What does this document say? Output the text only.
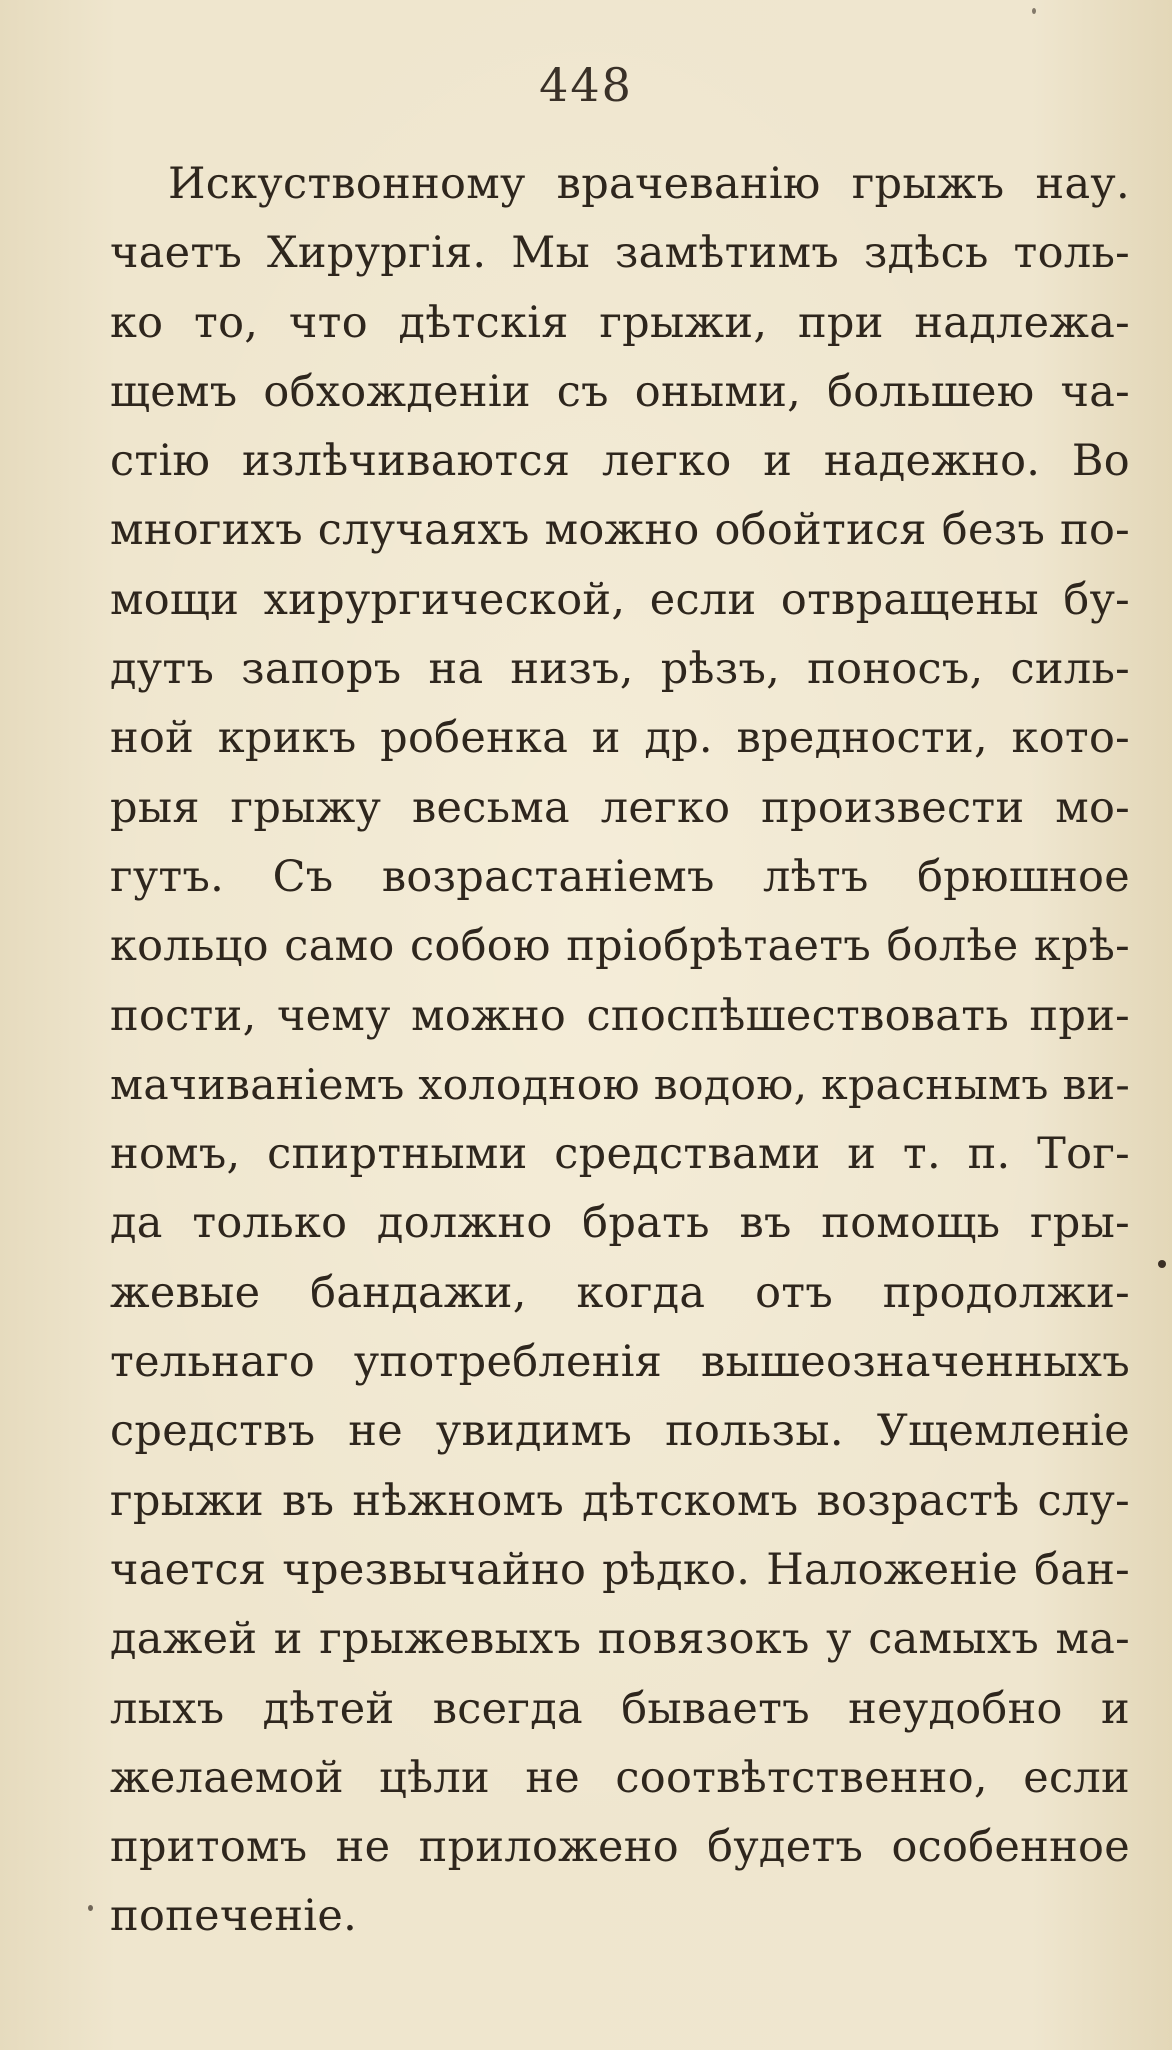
448
Искуствонному врачеванію грыжъ нау.
чаетъ Хирургія. Мы замѣтимъ здѣсь толь-
ко то, что дѣтскія грыжи, при надлежа-
щемъ обхожденіи съ оными, большею ча-
стію излѣчиваются легко и надежно. Во
многихъ случаяхъ можно обойтися безъ по-
мощи хирургической, если отвращены бу-
дутъ запоръ на низъ, рѣзъ, поносъ, силь-
ной крикъ робенка и др. вредности, кото-
рыя грыжу весьма легко произвести мо-
гутъ. Съ возрастаніемъ лѣтъ брюшное
кольцо само собою пріобрѣтаетъ болѣе крѣ-
пости, чему можно споспѣшествовать при-
мачиваніемъ холодною водою, краснымъ ви-
номъ, спиртными средствами и т. п. Тог-
да только должно брать въ помощь гры-
жевые бандажи, когда отъ продолжи-
тельнаго употребленія вышеозначенныхъ
средствъ не увидимъ пользы. Ущемленіе
грыжи въ нѣжномъ дѣтскомъ возрастѣ слу-
чается чрезвычайно рѣдко. Наложеніе бан-
дажей и грыжевыхъ повязокъ у самыхъ ма-
лыхъ дѣтей всегда бываетъ неудобно и
желаемой цѣли не соотвѣтственно, если
притомъ не приложено будетъ особенное
попеченіе.
